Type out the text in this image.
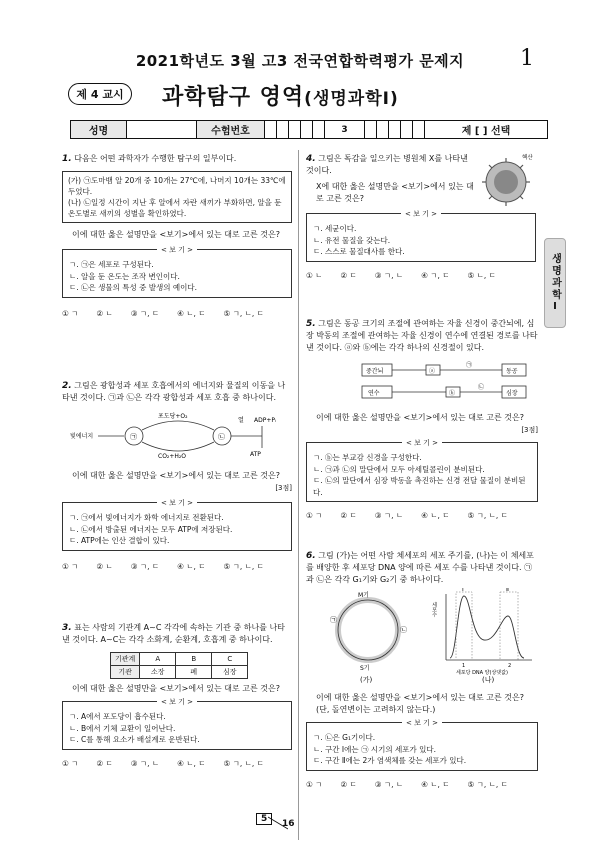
2021학년도 3월 고3 전국연합학력평가 문제지	1
제 4 교시	과학탐구 영역(생명과학Ⅰ)
성명	수험번호	3	제 [ ] 선택
생명과학Ⅰ
1. 다음은 어떤 과학자가 수행한 탐구의 일부이다.
(가) ㉠도마뱀 알 20개 중 10개는 27℃에, 나머지 10개는 33℃에 두었다.
(나) ㉡일정 시간이 지난 후 알에서 자란 새끼가 부화하면, 알을 둔 온도별로 새끼의 성별을 확인하였다.
이에 대한 옳은 설명만을 <보기>에서 있는 대로 고른 것은?
< 보 기 >
ㄱ. ㉠은 세포로 구성된다.
ㄴ. 알을 둔 온도는 조작 변인이다.
ㄷ. ㉡은 생물의 특성 중 발생의 예이다.
① ㄱ ② ㄴ ③ ㄱ, ㄷ ④ ㄴ, ㄷ ⑤ ㄱ, ㄴ, ㄷ
2. 그림은 광합성과 세포 호흡에서의 에너지와 물질의 이동을 나타낸 것이다. ㉠과 ㉡은 각각 광합성과 세포 호흡 중 하나이다.
빛에너지
포도당+O₂
CO₂+H₂O
㉠	㉡
열 ADP+Pᵢ
ATP
이에 대한 옳은 설명만을 <보기>에서 있는 대로 고른 것은?
[3점]
< 보 기 >
ㄱ. ㉠에서 빛에너지가 화학 에너지로 전환된다.
ㄴ. ㉡에서 방출된 에너지는 모두 ATP에 저장된다.
ㄷ. ATP에는 인산 결합이 있다.
① ㄱ ② ㄴ ③ ㄱ, ㄷ ④ ㄴ, ㄷ ⑤ ㄱ, ㄴ, ㄷ
3. 표는 사람의 기관계 A~C 각각에 속하는 기관 중 하나를 나타낸 것이다. A~C는 각각 소화계, 순환계, 호흡계 중 하나이다.
기관계	A	B	C
기관	소장	폐	심장
이에 대한 옳은 설명만을 <보기>에서 있는 대로 고른 것은?
< 보 기 >
ㄱ. A에서 포도당이 흡수된다.
ㄴ. B에서 기체 교환이 일어난다.
ㄷ. C를 통해 요소가 배설계로 운반된다.
① ㄱ ② ㄷ ③ ㄱ, ㄴ ④ ㄴ, ㄷ ⑤ ㄱ, ㄴ, ㄷ
4. 그림은 독감을 일으키는 병원체 X를 나타낸 것이다.
X에 대한 옳은 설명만을 <보기>에서 있는 대로 고른 것은?
< 보 기 >
ㄱ. 세균이다.
ㄴ. 유전 물질을 갖는다.
ㄷ. 스스로 물질대사를 한다.
① ㄴ ② ㄷ ③ ㄱ, ㄴ ④ ㄱ, ㄷ ⑤ ㄴ, ㄷ
핵산
5. 그림은 동공 크기의 조절에 관여하는 자율 신경이 중간뇌에, 심장 박동의 조절에 관여하는 자율 신경이 연수에 연결된 경로를 나타낸 것이다. ⓐ와 ⓑ에는 각각 하나의 신경절이 있다.
중간뇌	ⓐ
㉠
동공
연수	ⓑ
㉡
심장
이에 대한 옳은 설명만을 <보기>에서 있는 대로 고른 것은?
[3점]
< 보 기 >
ㄱ. ⓑ는 부교감 신경을 구성한다.
ㄴ. ㉠과 ㉡의 말단에서 모두 아세틸콜린이 분비된다.
ㄷ. ㉡의 말단에서 심장 박동을 촉진하는 신경 전달 물질이 분비된다.
① ㄱ ② ㄷ ③ ㄱ, ㄴ ④ ㄴ, ㄷ ⑤ ㄱ, ㄴ, ㄷ
6. 그림 (가)는 어떤 사람 체세포의 세포 주기를, (나)는 이 체세포를 배양한 후 세포당 DNA 양에 따른 세포 수를 나타낸 것이다. ㉠과 ㉡은 각각 G₁기와 G₂기 중 하나이다.
M기
㉠
㉡
S기
(가)
세포수
Ⅰ	Ⅱ
1	2
세포당 DNA 양(상댓값)
(나)
이에 대한 옳은 설명만을 <보기>에서 있는 대로 고른 것은? (단, 돌연변이는 고려하지 않는다.)
< 보 기 >
ㄱ. ㉡은 G₁기이다.
ㄴ. 구간 Ⅰ에는 ㉠ 시기의 세포가 있다.
ㄷ. 구간 Ⅱ에는 2가 염색체를 갖는 세포가 있다.
① ㄱ ② ㄷ ③ ㄱ, ㄴ ④ ㄴ, ㄷ ⑤ ㄱ, ㄴ, ㄷ
5	16
